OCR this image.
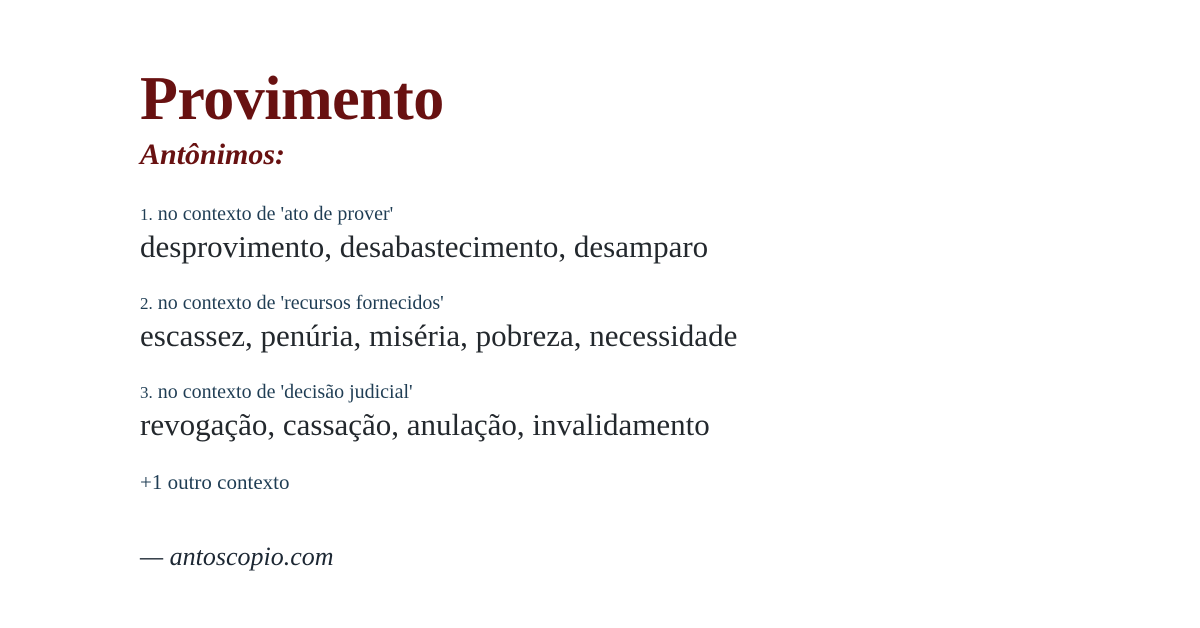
Provimento
Antônimos:
1. no contexto de 'ato de prover'
desprovimento, desabastecimento, desamparo
2. no contexto de 'recursos fornecidos'
escassez, penúria, miséria, pobreza, necessidade
3. no contexto de 'decisão judicial'
revogação, cassação, anulação, invalidamento
+1 outro contexto
— antoscopio.com
